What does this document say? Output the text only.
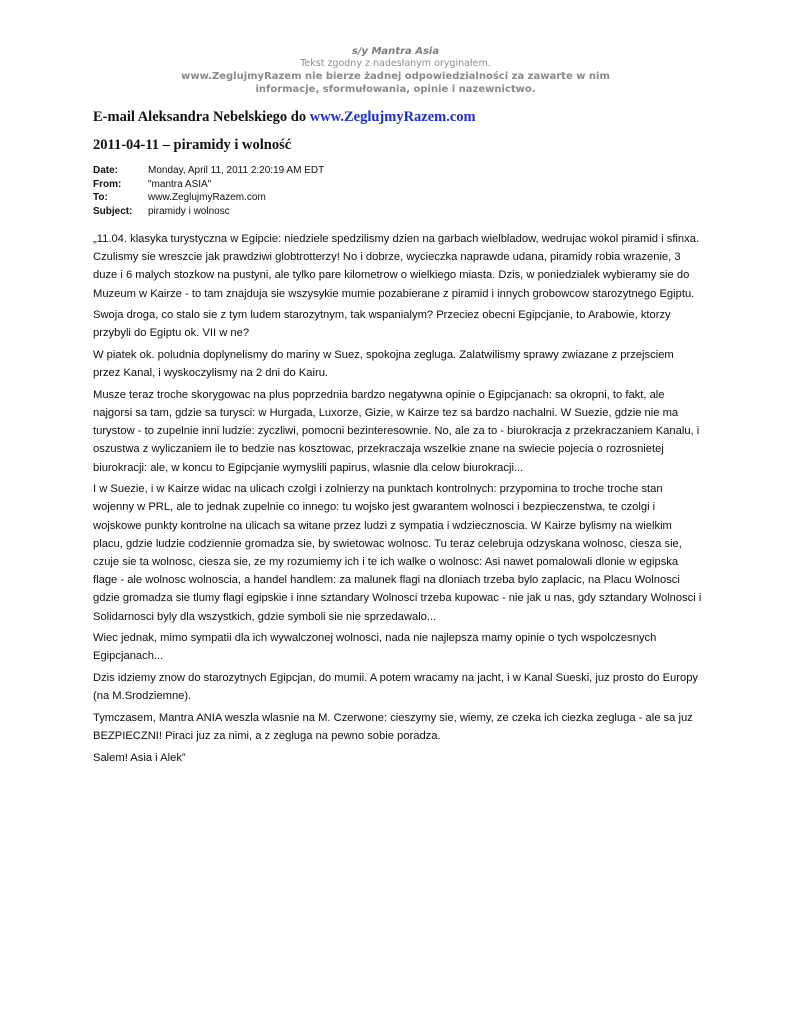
s/y Mantra Asia
Tekst zgodny z nadesłanym oryginałem.
www.ZeglujmyRazem nie bierze żadnej odpowiedzialności za zawarte w nim
informacje, sformułowania, opinie i nazewnictwo.
E-mail Aleksandra Nebelskiego do www.ZeglujmyRazem.com
2011-04-11 – piramidy i wolność
Date:	Monday, April 11, 2011 2:20:19 AM EDT
From:	"mantra ASIA"
To:	www.ZeglujmyRazem.com
Subject:	piramidy i wolnosc

„11.04. klasyka turystyczna w Egipcie: niedziele spedzilismy dzien na garbach wielbladow, wedrujac wokol piramid i sfinxa. Czulismy sie wreszcie jak prawdziwi globtrotterzy! No i dobrze, wycieczka naprawde udana, piramidy robia wrazenie, 3 duze i 6 malych stozkow na pustyni, ale tylko pare kilometrow o wielkiego miasta. Dzis, w poniedzialek wybieramy sie do Muzeum w Kairze - to tam znajduja sie wszysykie mumie pozabierane z piramid i innych grobowcow starozytnego Egiptu.

Swoja droga, co stalo sie z tym ludem starozytnym, tak wspanialym? Przeciez obecni Egipcjanie, to Arabowie, ktorzy przybyli do Egiptu ok. VII w ne?

W piatek ok. poludnia doplynelismy do mariny w Suez, spokojna zegluga. Zalatwilismy sprawy zwiazane z przejsciem przez Kanal, i wyskoczylismy na 2 dni do Kairu.

Musze teraz troche skorygowac na plus poprzednia bardzo negatywna opinie o Egipcjanach: sa okropni, to fakt, ale najgorsi sa tam, gdzie sa turysci: w Hurgada, Luxorze, Gizie, w Kairze tez sa bardzo nachalni. W Suezie, gdzie nie ma turystow - to zupelnie inni ludzie: zyczliwi, pomocni bezinteresownie. No, ale za to - biurokracja z przekraczaniem Kanalu, i oszustwa z wyliczaniem ile to bedzie nas kosztowac, przekraczaja wszelkie znane na swiecie pojecia o rozrosnietej biurokracji: ale, w koncu to Egipcjanie wymyslili papirus, wlasnie dla celow biurokracji...

I w Suezie, i w Kairze widac na ulicach czolgi i zolnierzy na punktach kontrolnych: przypomina to troche troche stan wojenny w PRL, ale to jednak zupelnie co innego: tu wojsko jest gwarantem wolnosci i bezpieczenstwa, te czolgi i wojskowe punkty kontrolne na ulicach sa witane przez ludzi z sympatia i wdziecznoscia. W Kairze bylismy na wielkim placu, gdzie ludzie codziennie gromadza sie, by swietowac wolnosc. Tu teraz celebruja odzyskana wolnosc, ciesza sie, czuje sie ta wolnosc, ciesza sie, ze my rozumiemy ich i te ich walke o wolnosc: Asi nawet pomalowali dlonie w egipska flage - ale wolnosc wolnoscia, a handel handlem: za malunek flagi na dloniach trzeba bylo zaplacic, na Placu Wolnosci gdzie gromadza sie tlumy flagi egipskie i inne sztandary Wolnosci trzeba kupowac - nie jak u nas, gdy sztandary Wolnosci i Solidarnosci byly dla wszystkich, gdzie symboli sie nie sprzedawalo...

Wiec jednak, mimo sympatii dla ich wywalczonej wolnosci, nada nie najlepsza mamy opinie o tych wspolczesnych Egipcjanach...

Dzis idziemy znow do starozytnych Egipcjan, do mumii. A potem wracamy na jacht, i w Kanal Sueski, juz prosto do Europy (na M.Srodziemne).

Tymczasem, Mantra ANIA weszla wlasnie na M. Czerwone: cieszymy sie, wiemy, ze czeka ich ciezka zegluga - ale sa juz BEZPIECZNI! Piraci juz za nimi, a z zegluga na pewno sobie poradza.

Salem! Asia i Alek”
